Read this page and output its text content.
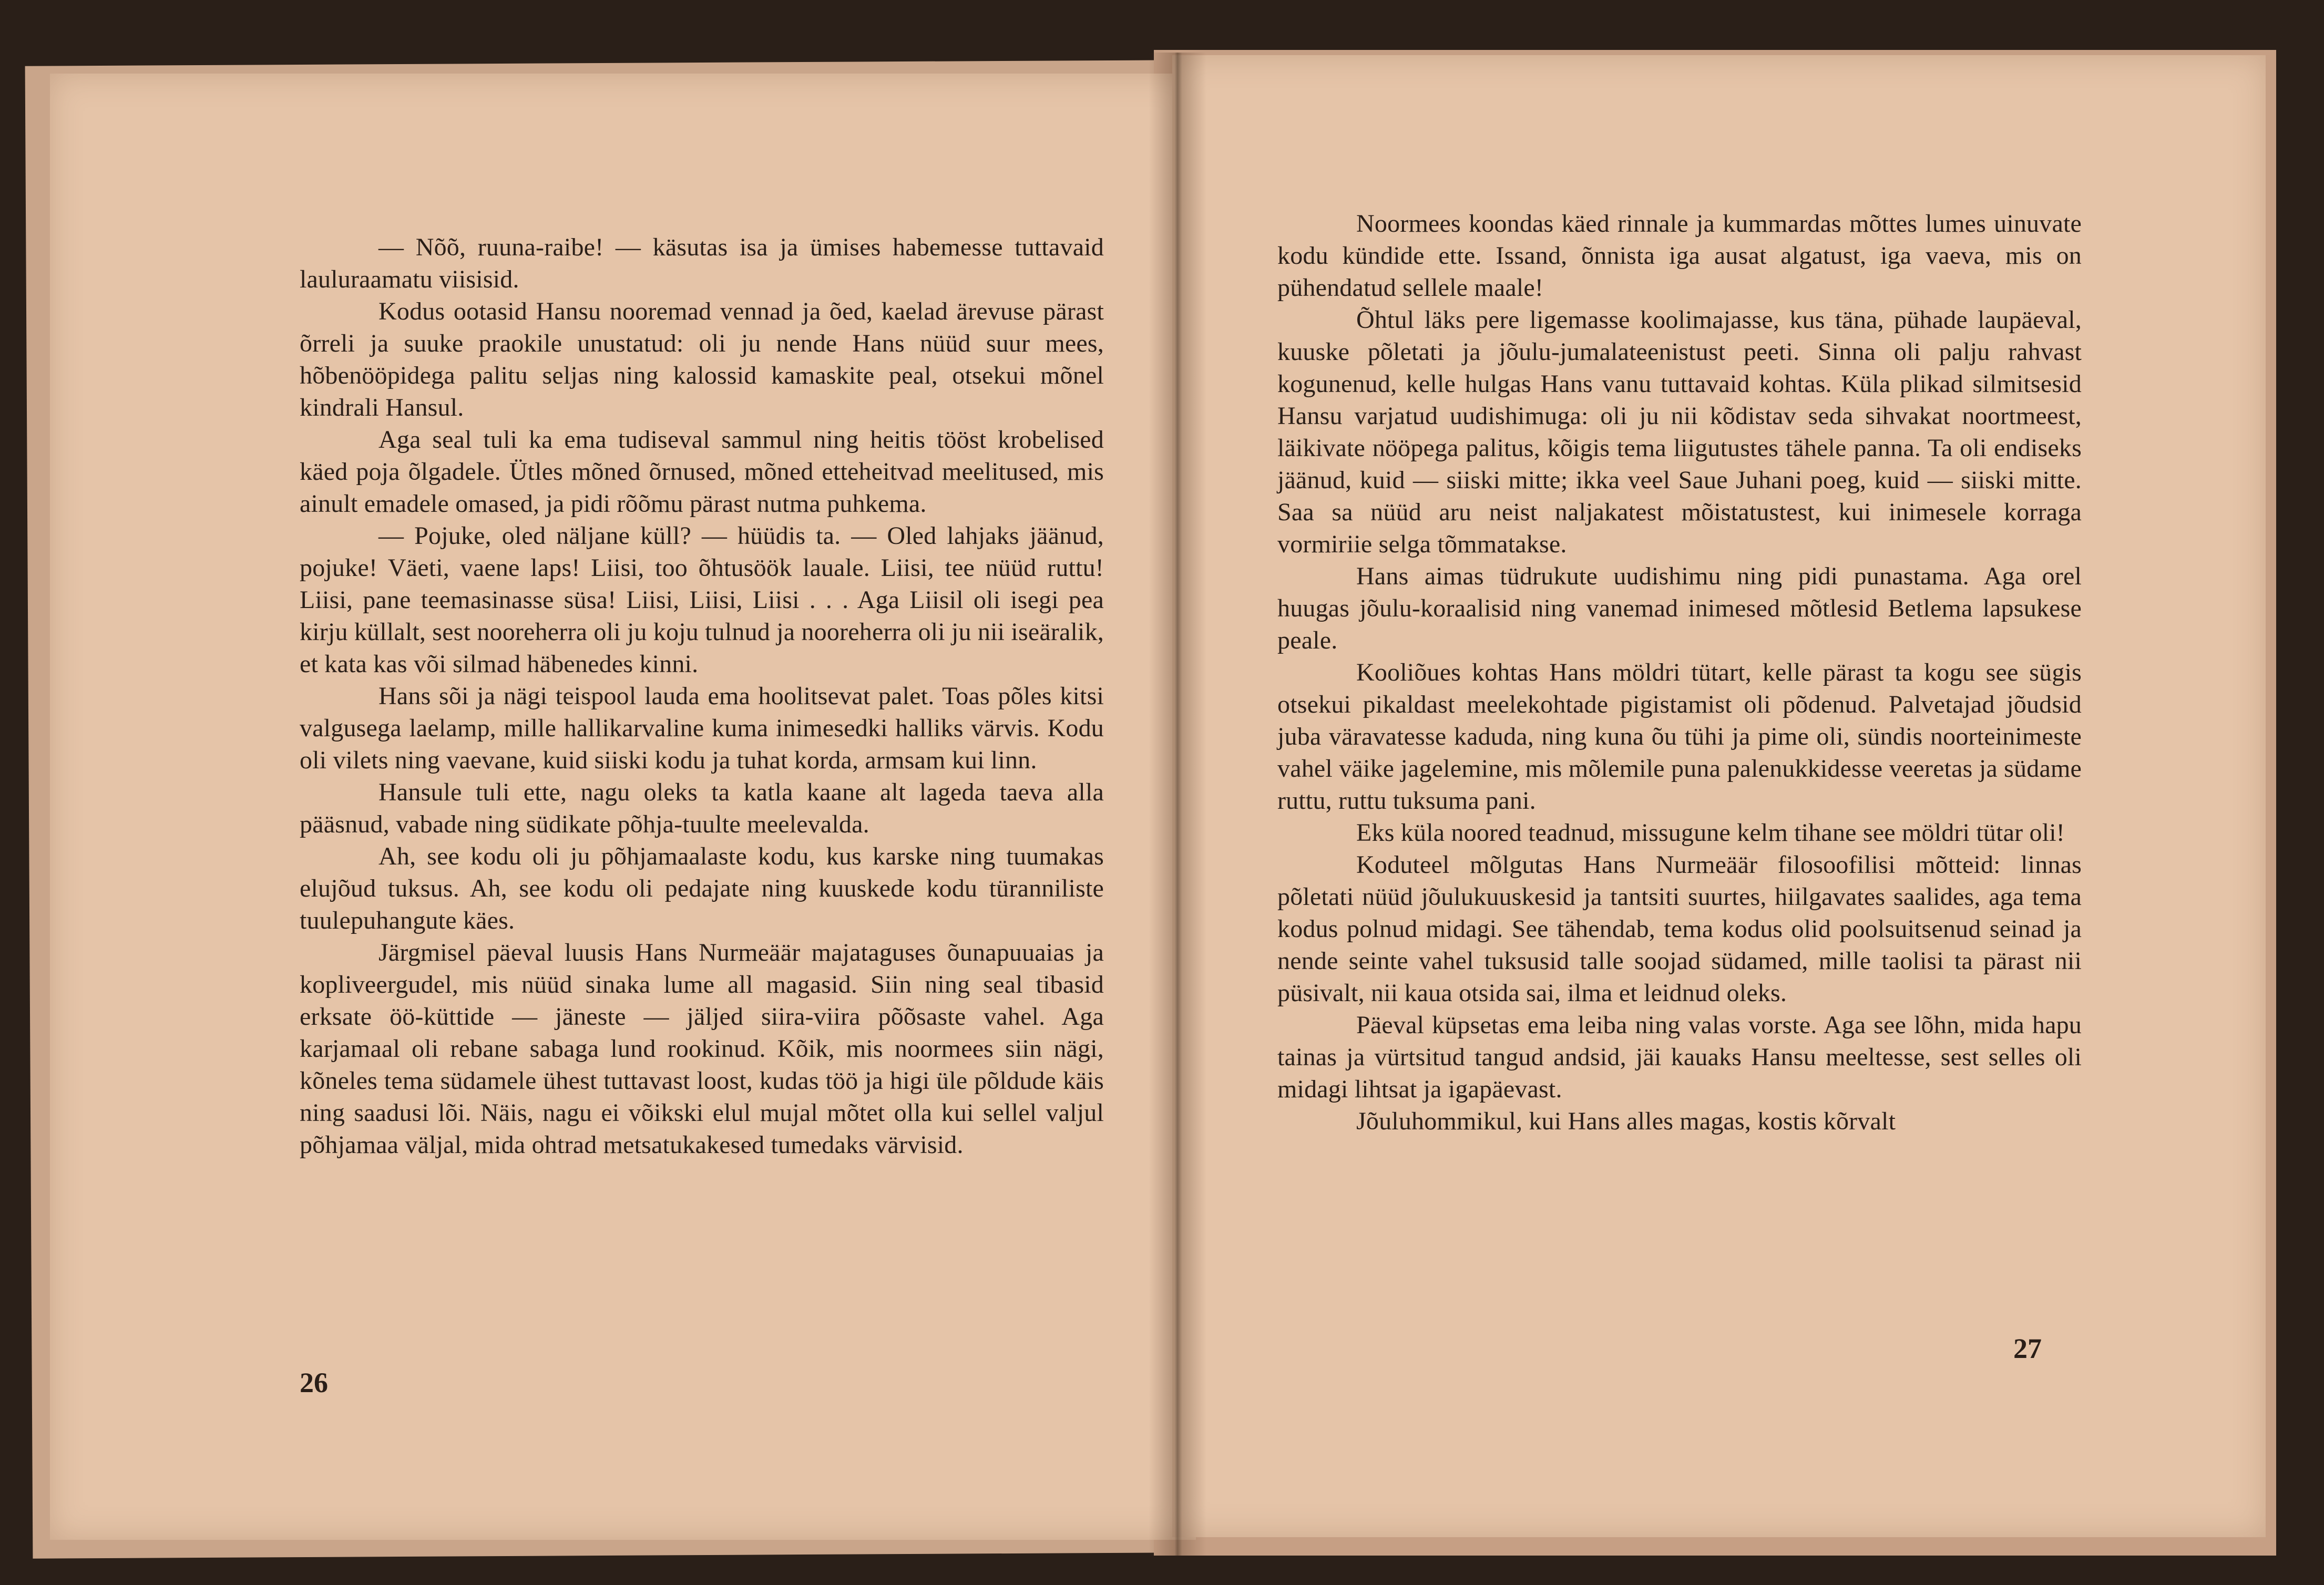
— Nõõ, ruuna-raibe! — käsutas isa ja ümises habemesse tuttavaid lauluraamatu viisisid.

Kodus ootasid Hansu nooremad vennad ja õed, kaelad ärevuse pärast õrreli ja suuke praokile unustatud: oli ju nende Hans nüüd suur mees, hõbenööpidega palitu seljas ning kalossid kamaskite peal, otsekui mõnel kindrali Hansul.

Aga seal tuli ka ema tudiseval sammul ning heitis tööst krobelised käed poja õlgadele. Ütles mõned õrnused, mõned etteheitvad meelitused, mis ainult emadele omased, ja pidi rõõmu pärast nutma puhkema.

— Pojuke, oled näljane küll? — hüüdis ta. — Oled lahjaks jäänud, pojuke! Väeti, vaene laps! Liisi, too õhtusöök lauale. Liisi, tee nüüd ruttu! Liisi, pane teemasinasse süsa! Liisi, Liisi, Liisi . . . Aga Liisil oli isegi pea kirju küllalt, sest nooreherra oli ju koju tulnud ja nooreherra oli ju nii iseäralik, et kata kas või silmad häbenedes kinni.

Hans sõi ja nägi teispool lauda ema hoolitsevat palet. Toas põles kitsi valgusega laelamp, mille hallikarvaline kuma inimesedki halliks värvis. Kodu oli vilets ning vaevane, kuid siiski kodu ja tuhat korda, armsam kui linn.

Hansule tuli ette, nagu oleks ta katla kaane alt lageda taeva alla pääsnud, vabade ning südikate põhja-tuulte meelevalda.

Ah, see kodu oli ju põhjamaalaste kodu, kus karske ning tuumakas elujõud tuksus. Ah, see kodu oli pedajate ning kuuskede kodu türanniliste tuulepuhangute käes.

Järgmisel päeval luusis Hans Nurmeäär majataguses õunapuuaias ja kopliveergudel, mis nüüd sinaka lume all magasid. Siin ning seal tibasid erksate öö-küttide — jäneste — jäljed siira-viira põõsaste vahel. Aga karjamaal oli rebane sabaga lund rookinud. Kõik, mis noormees siin nägi, kõneles tema südamele ühest tuttavast loost, kudas töö ja higi üle põldude käis ning saadusi lõi. Näis, nagu ei võikski elul mujal mõtet olla kui sellel valjul põhjamaa väljal, mida ohtrad metsatukakesed tumedaks värvisid.

26

Noormees koondas käed rinnale ja kummardas mõttes lumes uinuvate kodu kündide ette. Issand, õnnista iga ausat algatust, iga vaeva, mis on pühendatud sellele maale!

Õhtul läks pere ligemasse koolimajasse, kus täna, pühade laupäeval, kuuske põletati ja jõulu-jumalateenistust peeti. Sinna oli palju rahvast kogunenud, kelle hulgas Hans vanu tuttavaid kohtas. Küla plikad silmitsesid Hansu varjatud uudishimuga: oli ju nii kõdistav seda sihvakat noortmeest, läikivate nööpega palitus, kõigis tema liigutustes tähele panna. Ta oli endiseks jäänud, kuid — siiski mitte; ikka veel Saue Juhani poeg, kuid — siiski mitte. Saa sa nüüd aru neist naljakatest mõistatustest, kui inimesele korraga vormiriie selga tõmmatakse.

Hans aimas tüdrukute uudishimu ning pidi punastama. Aga orel huugas jõulu-koraalisid ning vanemad inimesed mõtlesid Betlema lapsukese peale.

Kooliõues kohtas Hans möldri tütart, kelle pärast ta kogu see sügis otsekui pikaldast meelekohtade pigistamist oli põdenud. Palvetajad jõudsid juba väravatesse kaduda, ning kuna õu tühi ja pime oli, sündis noorteinimeste vahel väike jagelemine, mis mõlemile puna palenukkidesse veeretas ja südame ruttu, ruttu tuksuma pani.

Eks küla noored teadnud, missugune kelm tihane see möldri tütar oli!

Koduteel mõlgutas Hans Nurmeäär filosoofilisi mõtteid: linnas põletati nüüd jõulukuuskesid ja tantsiti suurtes, hiilgavates saalides, aga tema kodus polnud midagi. See tähendab, tema kodus olid poolsuitsenud seinad ja nende seinte vahel tuksusid talle soojad südamed, mille taolisi ta pärast nii püsivalt, nii kaua otsida sai, ilma et leidnud oleks.

Päeval küpsetas ema leiba ning valas vorste. Aga see lõhn, mida hapu tainas ja vürtsitud tangud andsid, jäi kauaks Hansu meeltesse, sest selles oli midagi lihtsat ja igapäevast.

Jõuluhommikul, kui Hans alles magas, kostis kõrvalt

27
